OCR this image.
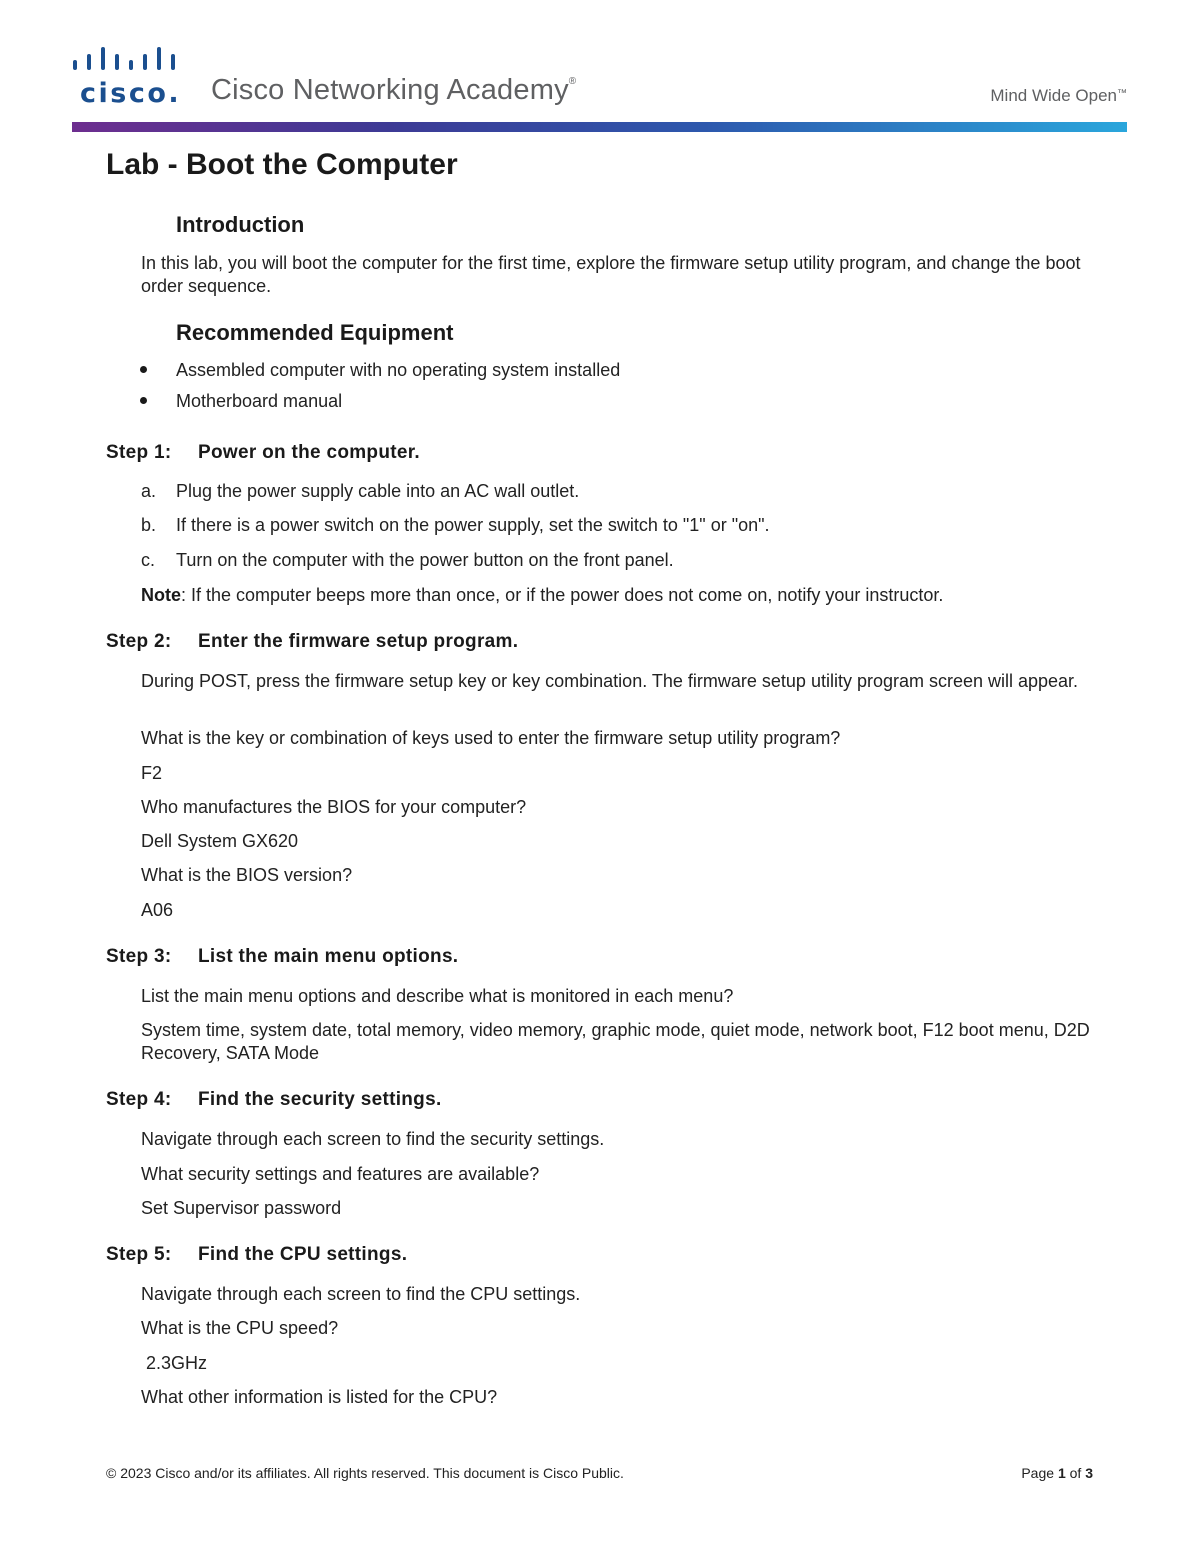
cisco. Cisco Networking Academy®
Mind Wide Open™
Lab - Boot the Computer
Introduction

In this lab, you will boot the computer for the first time, explore the firmware setup utility program, and change the boot order sequence.

Recommended Equipment
Assembled computer with no operating system installed
Motherboard manual
Step 1: Power on the computer.
a. Plug the power supply cable into an AC wall outlet.
b. If there is a power switch on the power supply, set the switch to "1" or "on".
c. Turn on the computer with the power button on the front panel.

Note: If the computer beeps more than once, or if the power does not come on, notify your instructor.

Step 2: Enter the firmware setup program.

During POST, press the firmware setup key or key combination. The firmware setup utility program screen will appear.

What is the key or combination of keys used to enter the firmware setup utility program?

F2

Who manufactures the BIOS for your computer?

Dell System GX620

What is the BIOS version?

A06

Step 3: List the main menu options.

List the main menu options and describe what is monitored in each menu?

System time, system date, total memory, video memory, graphic mode, quiet mode, network boot, F12 boot menu, D2D Recovery, SATA Mode

Step 4: Find the security settings.

Navigate through each screen to find the security settings.

What security settings and features are available?

Set Supervisor password

Step 5: Find the CPU settings.

Navigate through each screen to find the CPU settings.

What is the CPU speed?

2.3GHz

What other information is listed for the CPU?

© 2023 Cisco and/or its affiliates. All rights reserved. This document is Cisco Public.	Page 1 of 3
